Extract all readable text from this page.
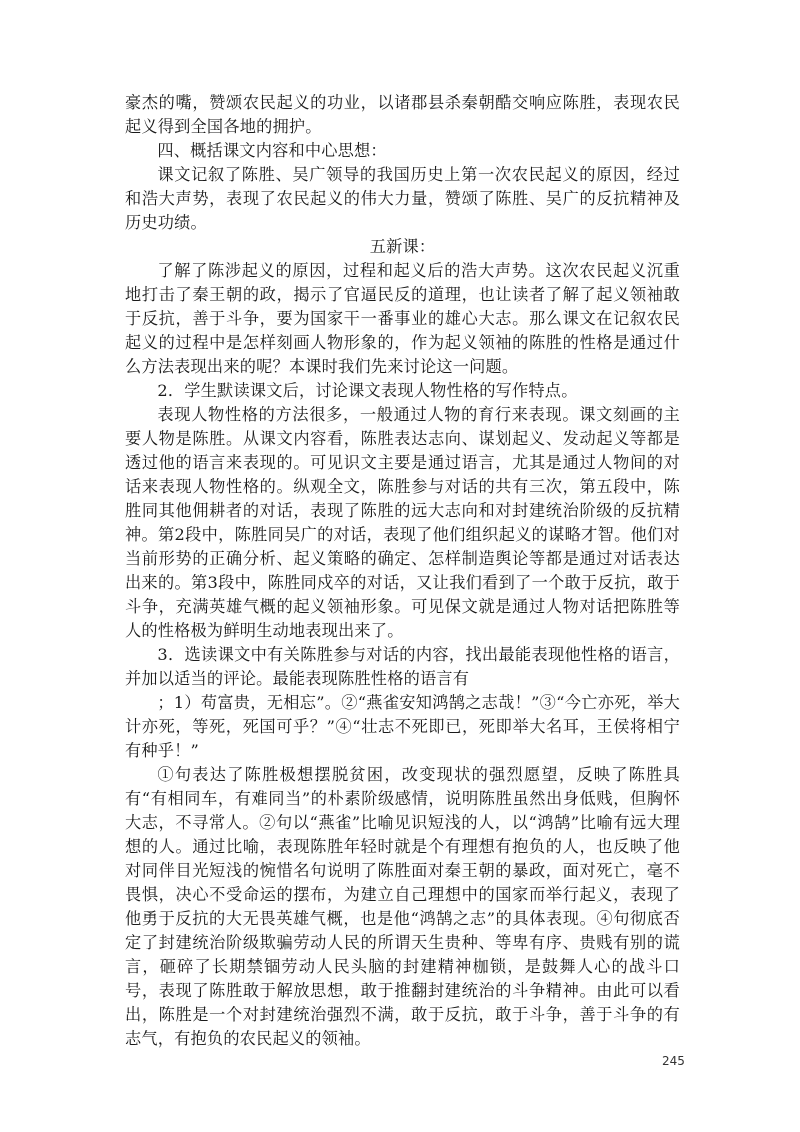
豪杰的嘴，赞颂农民起义的功业，以诸郡县杀秦朝酷交响应陈胜，表现农民起义得到全国各地的拥护。

四、概括课文内容和中心思想：

课文记叙了陈胜、吴广领导的我国历史上第一次农民起义的原因，经过和浩大声势，表现了农民起义的伟大力量，赞颂了陈胜、吴广的反抗精神及历史功绩。

五新课：

了解了陈涉起义的原因，过程和起义后的浩大声势。这次农民起义沉重地打击了秦王朝的政，揭示了官逼民反的道理，也让读者了解了起义领袖敢于反抗，善于斗争，要为国家干一番事业的雄心大志。那么课文在记叙农民起义的过程中是怎样刻画人物形象的，作为起义领袖的陈胜的性格是通过什么方法表现出来的呢？本课时我们先来讨论这一问题。

2．学生默读课文后，讨论课文表现人物性格的写作特点。

表现人物性格的方法很多，一般通过人物的育行来表现。课文刻画的主要人物是陈胜。从课文内容看，陈胜表达志向、谋划起义、发动起义等都是透过他的语言来表现的。可见识文主要是通过语言，尤其是通过人物间的对话来表现人物性格的。纵观全文，陈胜参与对话的共有三次，第五段中，陈胜同其他佣耕者的对话，表现了陈胜的远大志向和对封建统治阶级的反抗精神。第2段中，陈胜同吴广的对话，表现了他们组织起义的谋略才智。他们对当前形势的正确分析、起义策略的确定、怎样制造舆论等都是通过对话表达出来的。第3段中，陈胜同戍卒的对话，又让我们看到了一个敢于反抗，敢于斗争，充满英雄气概的起义领袖形象。可见保文就是通过人物对话把陈胜等人的性格极为鲜明生动地表现出来了。

3．选读课文中有关陈胜参与对话的内容，找出最能表现他性格的语言，并加以适当的评论。最能表现陈胜性格的语言有

；1）苟富贵，无相忘”。②“燕雀安知鸿鹄之志哉！”③“今亡亦死，举大计亦死，等死，死国可乎？”④“壮志不死即已，死即举大名耳，王侯将相宁有种乎！”

①句表达了陈胜极想摆脱贫困，改变现状的强烈愿望，反映了陈胜具有“有相同车，有难同当”的朴素阶级感情，说明陈胜虽然出身低贱，但胸怀大志，不寻常人。②句以“燕雀”比喻见识短浅的人，以“鸿鹄”比喻有远大理想的人。通过比喻，表现陈胜年轻时就是个有理想有抱负的人，也反映了他对同伴目光短浅的惋惜名句说明了陈胜面对秦王朝的暴政，面对死亡，毫不畏惧，决心不受命运的摆布，为建立自己理想中的国家而举行起义，表现了他勇于反抗的大无畏英雄气概，也是他“鸿鹄之志”的具体表现。④句彻底否定了封建统治阶级欺骗劳动人民的所谓天生贵种、等卑有序、贵贱有别的谎言，砸碎了长期禁锢劳动人民头脑的封建精神枷锁，是鼓舞人心的战斗口号，表现了陈胜敢于解放思想，敢于推翻封建统治的斗争精神。由此可以看出，陈胜是一个对封建统治强烈不满，敢于反抗，敢于斗争，善于斗争的有志气，有抱负的农民起义的领袖。

245
